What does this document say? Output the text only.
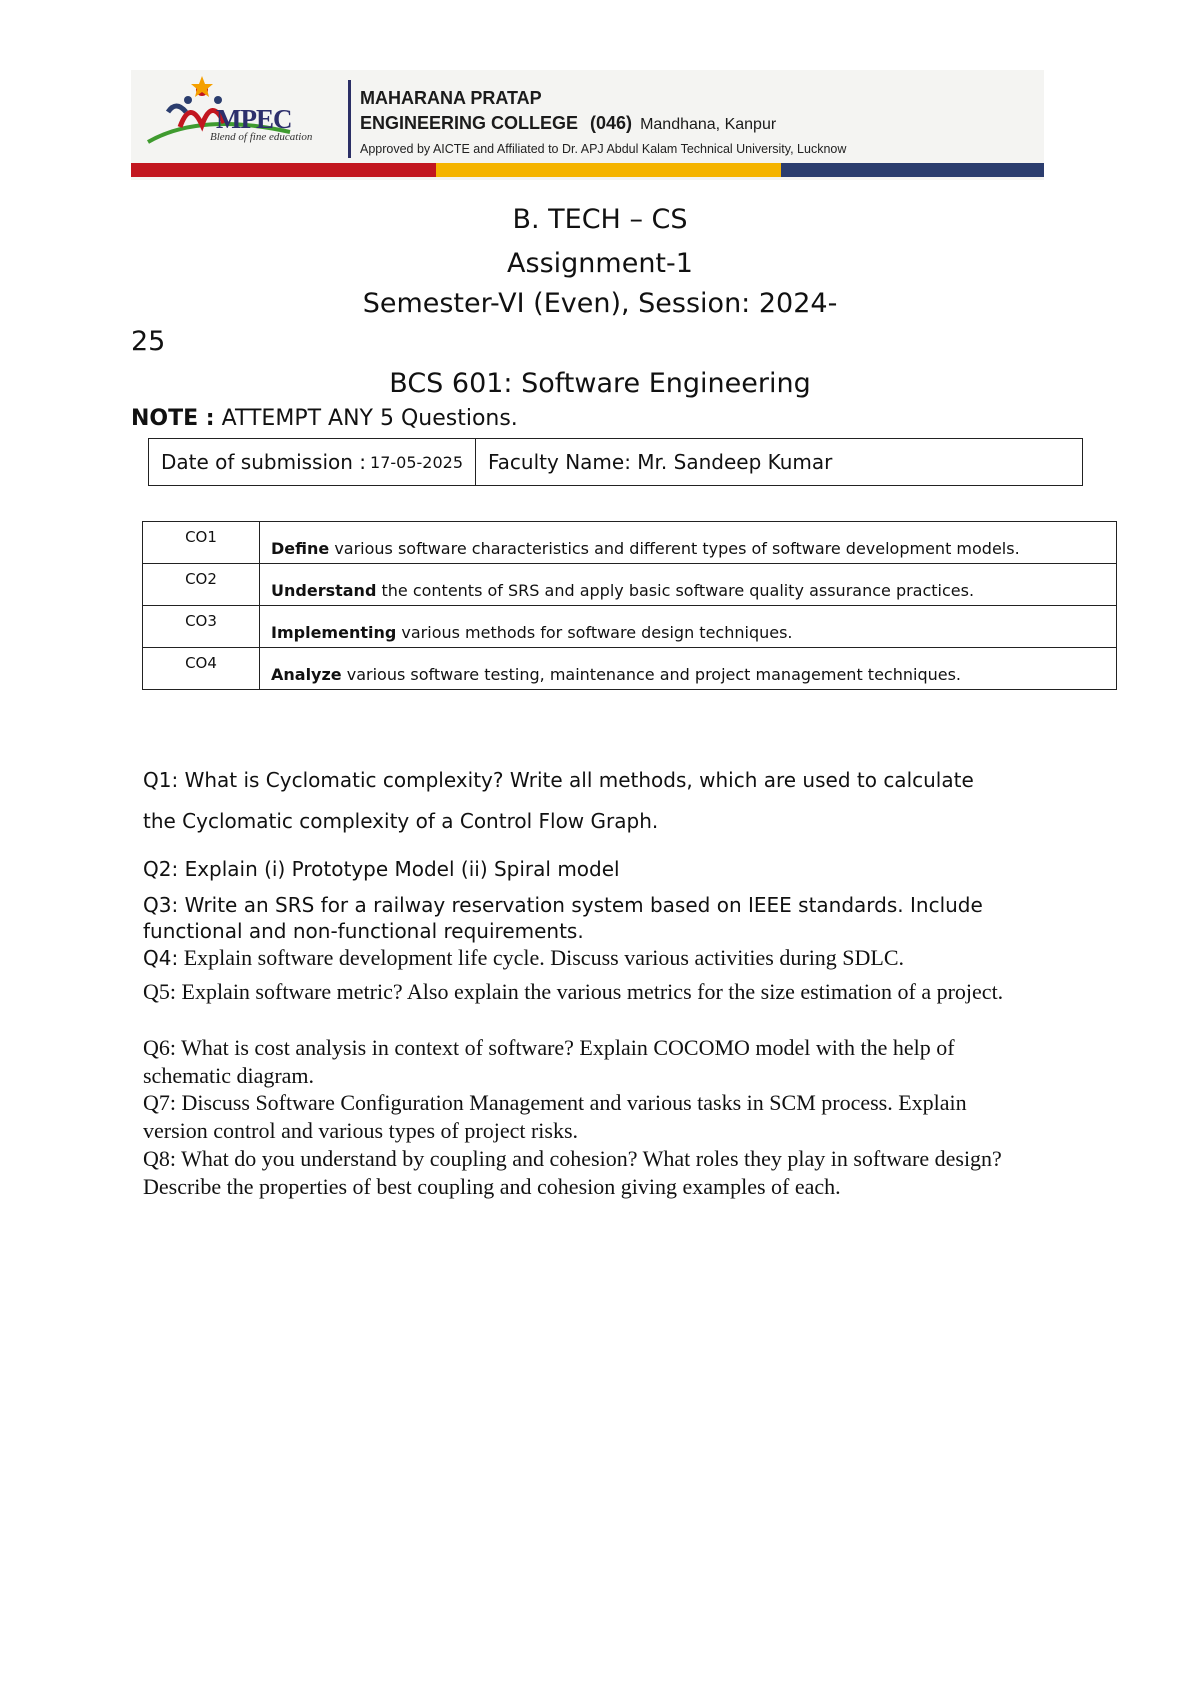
MPEC
Blend of fine education
MAHARANA PRATAP
ENGINEERING COLLEGE (046) Mandhana, Kanpur
Approved by AICTE and Affiliated to Dr. APJ Abdul Kalam Technical University, Lucknow
B. TECH – CS
Assignment-1
Semester-VI (Even), Session: 2024-
25
BCS 601: Software Engineering
NOTE : ATTEMPT ANY 5 Questions.
Date of submission : 17-05-2025	Faculty Name: Mr. Sandeep Kumar
CO1	Define various software characteristics and different types of software development models.
CO2	Understand the contents of SRS and apply basic software quality assurance practices.
CO3	Implementing various methods for software design techniques.
CO4	Analyze various software testing, maintenance and project management techniques.
Q1: What is Cyclomatic complexity? Write all methods, which are used to calculate
the Cyclomatic complexity of a Control Flow Graph.
Q2: Explain (i) Prototype Model (ii) Spiral model
Q3: Write an SRS for a railway reservation system based on IEEE standards. Include
functional and non-functional requirements.
Q4: Explain software development life cycle. Discuss various activities during SDLC.
Q5: Explain software metric? Also explain the various metrics for the size estimation of a project.
Q6: What is cost analysis in context of software? Explain COCOMO model with the help of schematic diagram.
Q7: Discuss Software Configuration Management and various tasks in SCM process. Explain version control and various types of project risks.
Q8: What do you understand by coupling and cohesion? What roles they play in software design? Describe the properties of best coupling and cohesion giving examples of each.
